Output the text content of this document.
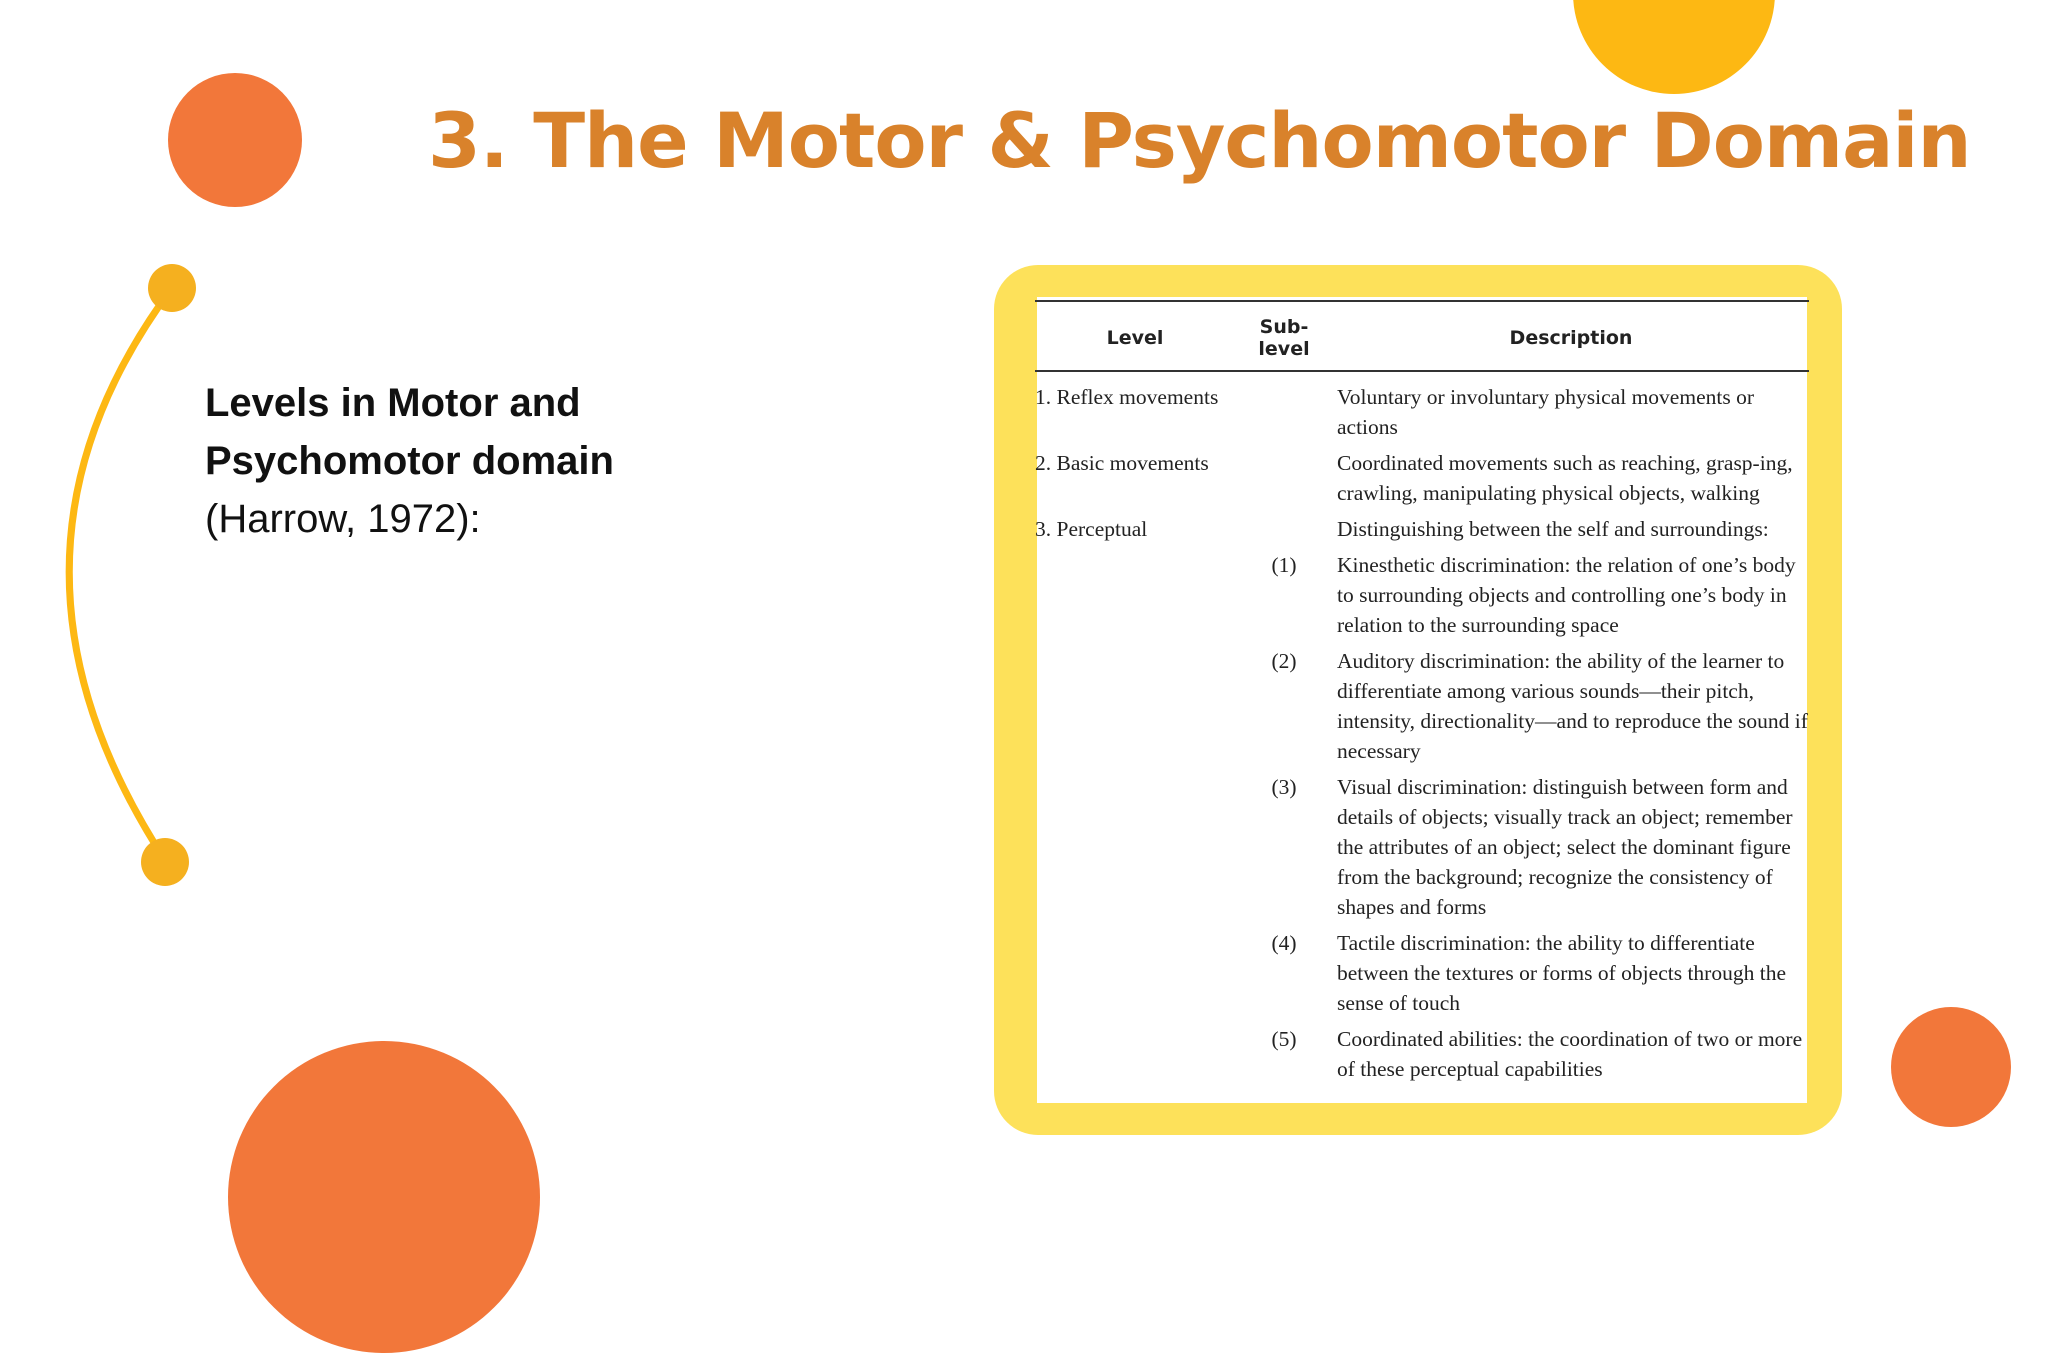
3. The Motor & Psychomotor Domain
Levels in Motor and
Psychomotor domain
(Harrow, 1972):
Level	Sub-level	Description
1. Reflex movements		Voluntary or involuntary physical movements or actions
2. Basic movements		Coordinated movements such as reaching, grasp-ing, crawling, manipulating physical objects, walking
3. Perceptual		Distinguishing between the self and surroundings:
	(1)	Kinesthetic discrimination: the relation of one’s body to surrounding objects and controlling one’s body in relation to the surrounding space
	(2)	Auditory discrimination: the ability of the learner to differentiate among various sounds—their pitch, intensity, directionality—and to reproduce the sound if necessary
	(3)	Visual discrimination: distinguish between form and details of objects; visually track an object; remember the attributes of an object; select the dominant figure from the background; recognize the consistency of shapes and forms
	(4)	Tactile discrimination: the ability to differentiate between the textures or forms of objects through the sense of touch
	(5)	Coordinated abilities: the coordination of two or more of these perceptual capabilities
